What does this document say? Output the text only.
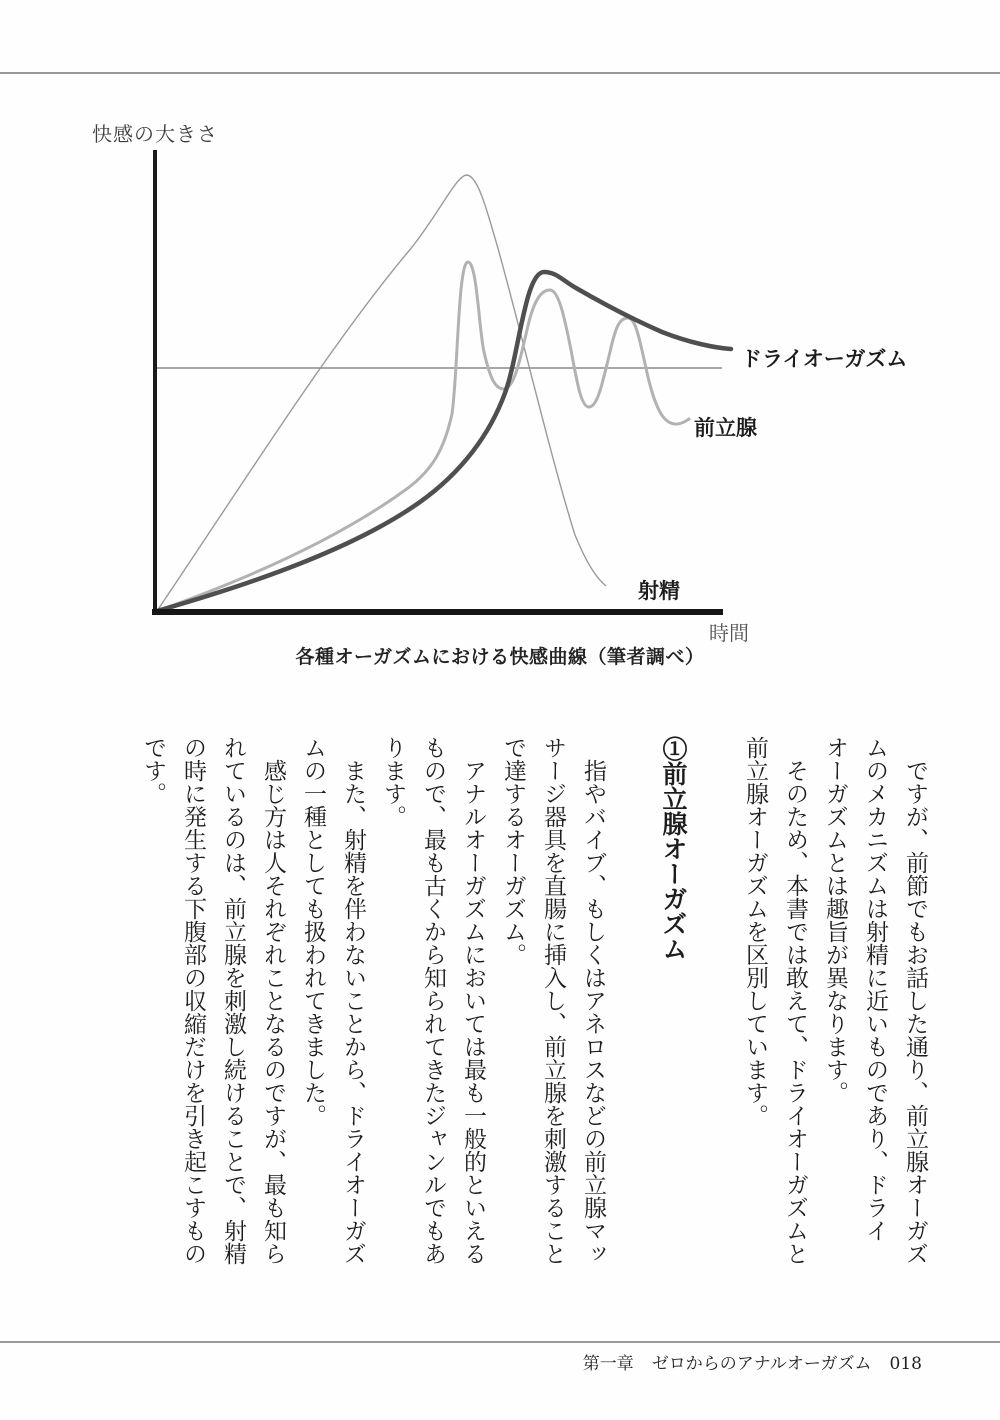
快感の大きさ
ドライオーガズム
前立腺
射精
時間
各種オーガズムにおける快感曲線（筆者調べ）
ですが、前節でもお話した通り、前立腺オーガズ
ムのメカニズムは射精に近いものであり、ドライ
オーガズムとは趣旨が異なります。
そのため、本書では敢えて、ドライオーガズムと
前立腺オーガズムを区別しています。
①前立腺オーガズム
指やバイブ、もしくはアネロスなどの前立腺マッ
サージ器具を直腸に挿入し、前立腺を刺激すること
で達するオーガズム。
アナルオーガズムにおいては最も一般的といえる
もので、最も古くから知られてきたジャンルでもあ
ります。
また、射精を伴わないことから、ドライオーガズ
ムの一種としても扱われてきました。
感じ方は人それぞれことなるのですが、最も知ら
れているのは、前立腺を刺激し続けることで、射精
の時に発生する下腹部の収縮だけを引き起こすもの
です。
第一章 ゼロからのアナルオーガズム 018
